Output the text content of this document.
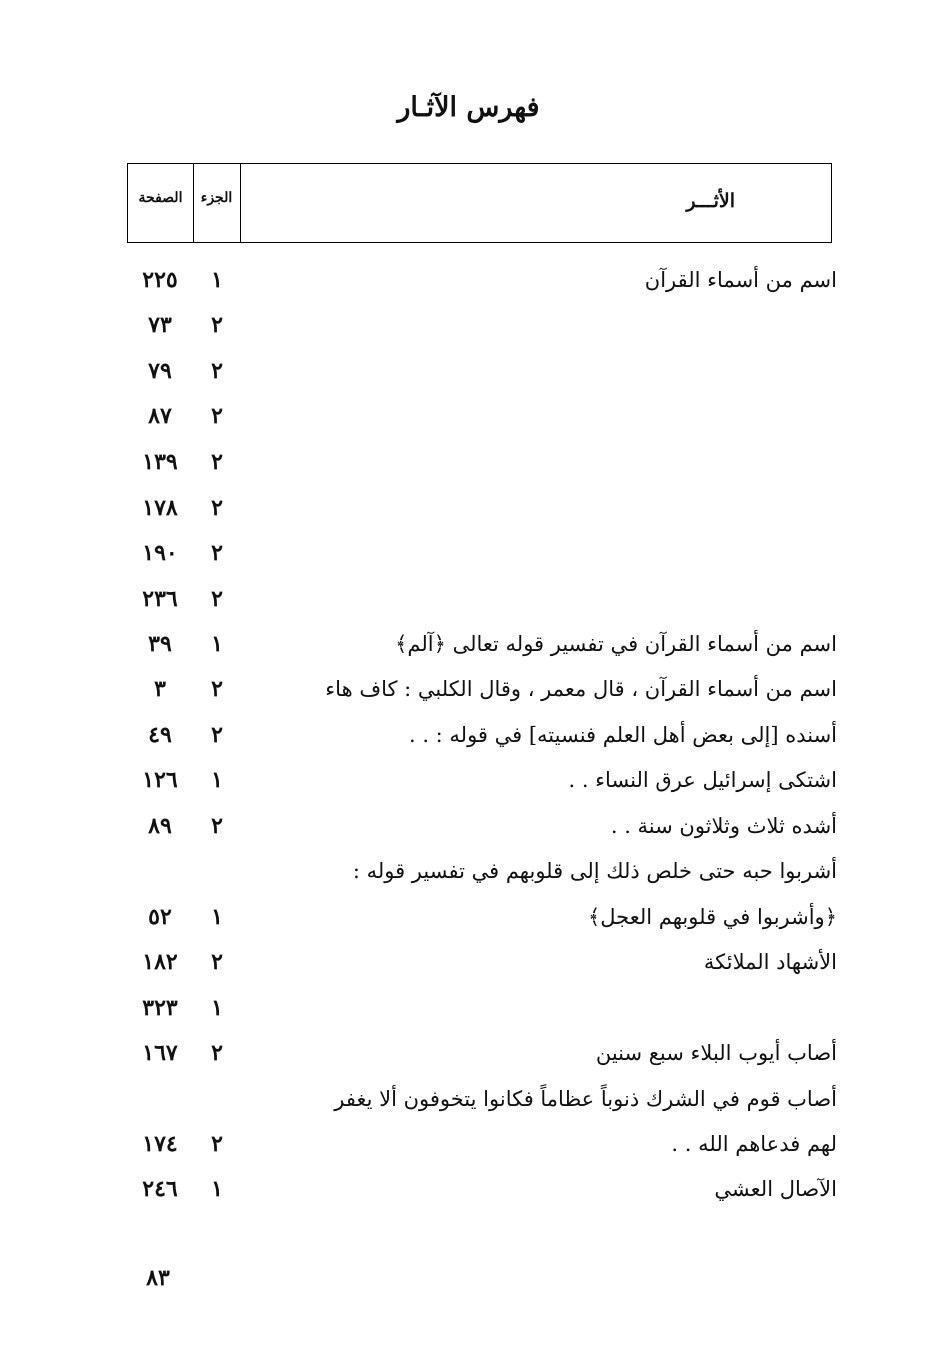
فهرس الآثـار
الصفحة	الجزء	الأثـــر
اسم من أسماء القرآن
١
٢٢٥
٢
٧٣
٢
٧٩
٢
٨٧
٢
١٣٩
٢
١٧٨
٢
١٩٠
٢
٢٣٦
اسم من أسماء القرآن في تفسير قوله تعالى ﴿آلم﴾
١
٣٩
اسم من أسماء القرآن ، قال معمر ، وقال الكلبي : كاف هاء
٢
٣
أسنده [إلى بعض أهل العلم فنسيته] في قوله : . .
٢
٤٩
اشتكى إسرائيل عرق النساء . .
١
١٢٦
أشده ثلاث وثلاثون سنة . .
٢
٨٩
أشربوا حبه حتى خلص ذلك إلى قلوبهم في تفسير قوله :
﴿وأشربوا في قلوبهم العجل﴾
١
٥٢
الأشهاد الملائكة
٢
١٨٢
١
٣٢٣
أصاب أيوب البلاء سبع سنين
٢
١٦٧
أصاب قوم في الشرك ذنوباً عظاماً فكانوا يتخوفون ألا يغفر
لهم فدعاهم الله . .
٢
١٧٤
الآصال العشي
١
٢٤٦
٨٣
